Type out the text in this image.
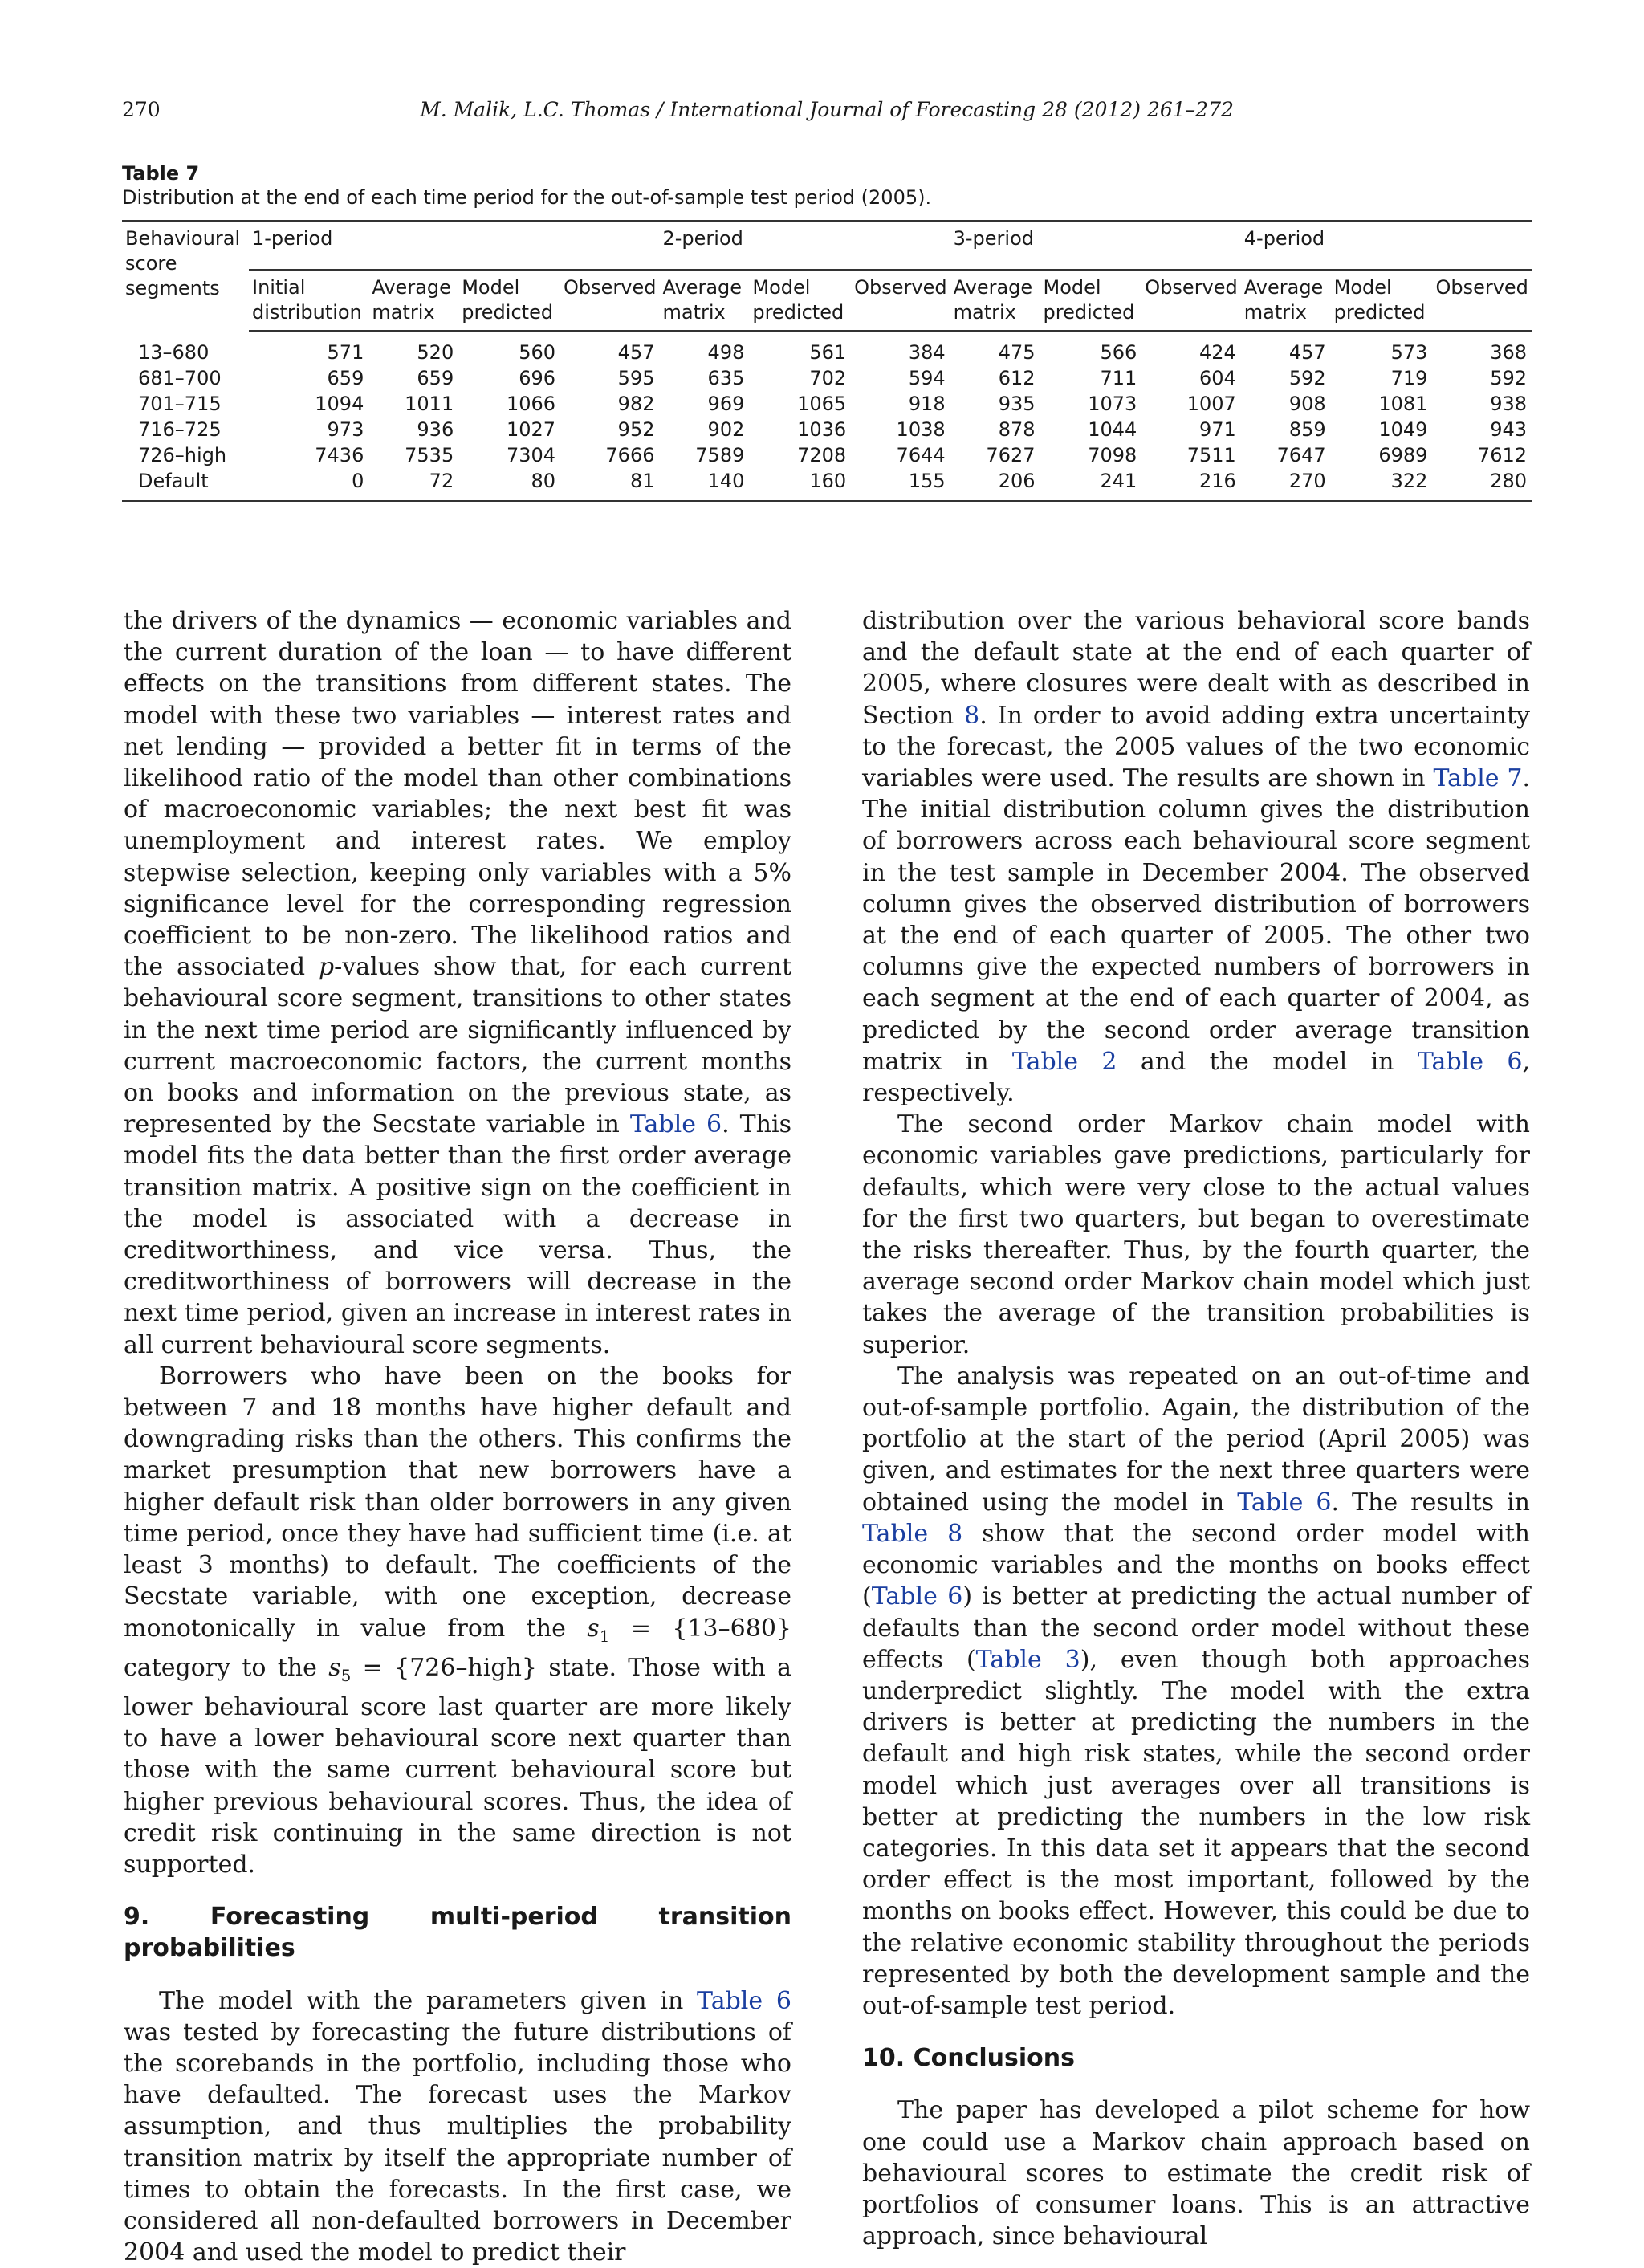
270	M. Malik, L.C. Thomas / International Journal of Forecasting 28 (2012) 261–272
Table 7
Distribution at the end of each time period for the out-of-sample test period (2005).
Behavioural score segments	1-period				2-period			3-period			4-period		
	Initial distribution	Average matrix	Model predicted	Observed	Average matrix	Model predicted	Observed	Average matrix	Model predicted	Observed	Average matrix	Model predicted	Observed
13–680	571	520	560	457	498	561	384	475	566	424	457	573	368
681–700	659	659	696	595	635	702	594	612	711	604	592	719	592
701–715	1094	1011	1066	982	969	1065	918	935	1073	1007	908	1081	938
716–725	973	936	1027	952	902	1036	1038	878	1044	971	859	1049	943
726–high	7436	7535	7304	7666	7589	7208	7644	7627	7098	7511	7647	6989	7612
Default	0	72	80	81	140	160	155	206	241	216	270	322	280

the drivers of the dynamics — economic variables and the current duration of the loan — to have different effects on the transitions from different states. The model with these two variables — interest rates and net lending — provided a better fit in terms of the likelihood ratio of the model than other combinations of macroeconomic variables; the next best fit was unemployment and interest rates. We employ stepwise selection, keeping only variables with a 5% significance level for the corresponding regression coefficient to be non-zero. The likelihood ratios and the associated p-values show that, for each current behavioural score segment, transitions to other states in the next time period are significantly influenced by current macroeconomic factors, the current months on books and information on the previous state, as represented by the Secstate variable in Table 6. This model fits the data better than the first order average transition matrix. A positive sign on the coefficient in the model is associated with a decrease in creditworthiness, and vice versa. Thus, the creditworthiness of borrowers will decrease in the next time period, given an increase in interest rates in all current behavioural score segments.

Borrowers who have been on the books for between 7 and 18 months have higher default and downgrading risks than the others. This confirms the market presumption that new borrowers have a higher default risk than older borrowers in any given time period, once they have had sufficient time (i.e. at least 3 months) to default. The coefficients of the Secstate variable, with one exception, decrease monotonically in value from the $s_1 = \{13-680\}$ category to the $s_5$ = {726–high} state. Those with a lower behavioural score last quarter are more likely to have a lower behavioural score next quarter than those with the same current behavioural score but higher previous behavioural scores. Thus, the idea of credit risk continuing in the same direction is not supported.

9. Forecasting multi-period transition probabilities

The model with the parameters given in Table 6 was tested by forecasting the future distributions of the scorebands in the portfolio, including those who have defaulted. The forecast uses the Markov assumption, and thus multiplies the probability transition matrix by itself the appropriate number of times to obtain the forecasts. In the first case, we considered all non-defaulted borrowers in December 2004 and used the model to predict their

distribution over the various behavioral score bands and the default state at the end of each quarter of 2005, where closures were dealt with as described in Section 8. In order to avoid adding extra uncertainty to the forecast, the 2005 values of the two economic variables were used. The results are shown in Table 7. The initial distribution column gives the distribution of borrowers across each behavioural score segment in the test sample in December 2004. The observed column gives the observed distribution of borrowers at the end of each quarter of 2005. The other two columns give the expected numbers of borrowers in each segment at the end of each quarter of 2004, as predicted by the second order average transition matrix in Table 2 and the model in Table 6, respectively.

The second order Markov chain model with economic variables gave predictions, particularly for defaults, which were very close to the actual values for the first two quarters, but began to overestimate the risks thereafter. Thus, by the fourth quarter, the average second order Markov chain model which just takes the average of the transition probabilities is superior.

The analysis was repeated on an out-of-time and out-of-sample portfolio. Again, the distribution of the portfolio at the start of the period (April 2005) was given, and estimates for the next three quarters were obtained using the model in Table 6. The results in Table 8 show that the second order model with economic variables and the months on books effect (Table 6) is better at predicting the actual number of defaults than the second order model without these effects (Table 3), even though both approaches underpredict slightly. The model with the extra drivers is better at predicting the numbers in the default and high risk states, while the second order model which just averages over all transitions is better at predicting the numbers in the low risk categories. In this data set it appears that the second order effect is the most important, followed by the months on books effect. However, this could be due to the relative economic stability throughout the periods represented by both the development sample and the out-of-sample test period.

10. Conclusions

The paper has developed a pilot scheme for how one could use a Markov chain approach based on behavioural scores to estimate the credit risk of portfolios of consumer loans. This is an attractive approach, since behavioural
